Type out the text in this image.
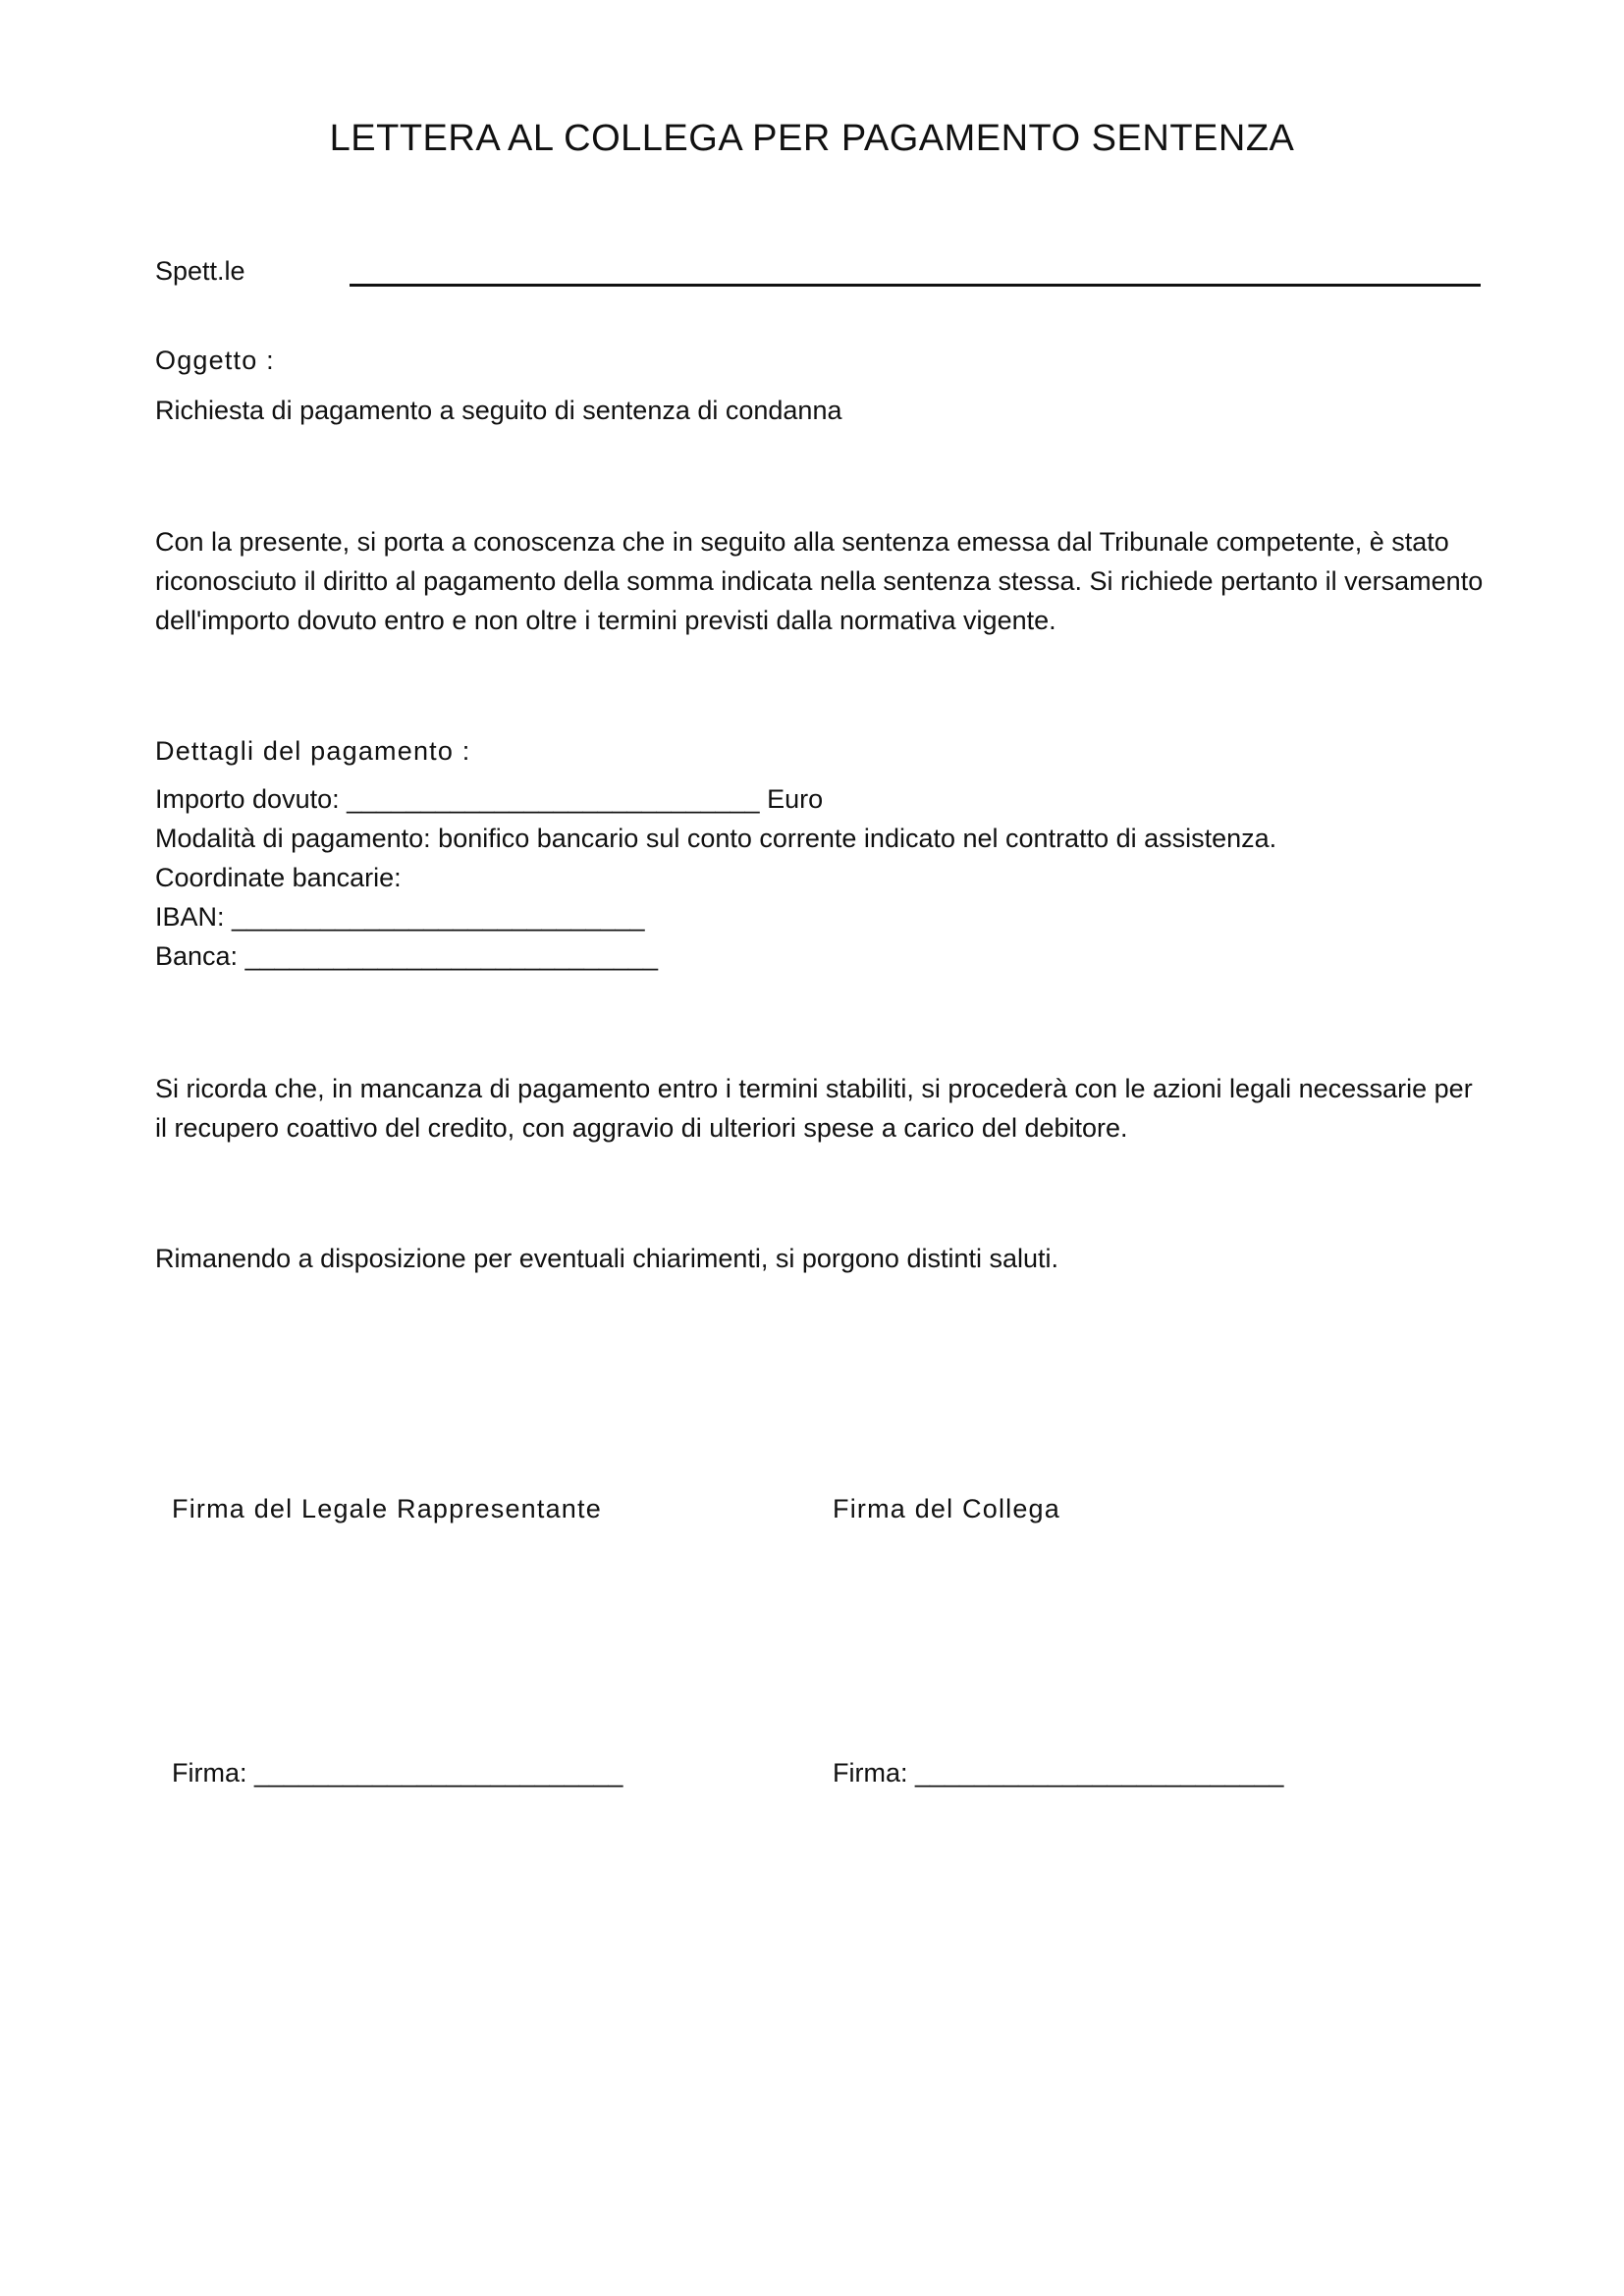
LETTERA AL COLLEGA PER PAGAMENTO SENTENZA
Spett.le
Oggetto :
Richiesta di pagamento a seguito di sentenza di condanna
Con la presente, si porta a conoscenza che in seguito alla sentenza emessa dal Tribunale competente, è stato riconosciuto il diritto al pagamento della somma indicata nella sentenza stessa. Si richiede pertanto il versamento dell'importo dovuto entro e non oltre i termini previsti dalla normativa vigente.
Dettagli del pagamento :
Importo dovuto: ____________________________ Euro
Modalità di pagamento: bonifico bancario sul conto corrente indicato nel contratto di assistenza.
Coordinate bancarie:
IBAN: ____________________________
Banca: ____________________________
Si ricorda che, in mancanza di pagamento entro i termini stabiliti, si procederà con le azioni legali necessarie per il recupero coattivo del credito, con aggravio di ulteriori spese a carico del debitore.
Rimanendo a disposizione per eventuali chiarimenti, si porgono distinti saluti.
Firma del Legale Rappresentante	Firma del Collega
Firma: _________________________	Firma: _________________________
